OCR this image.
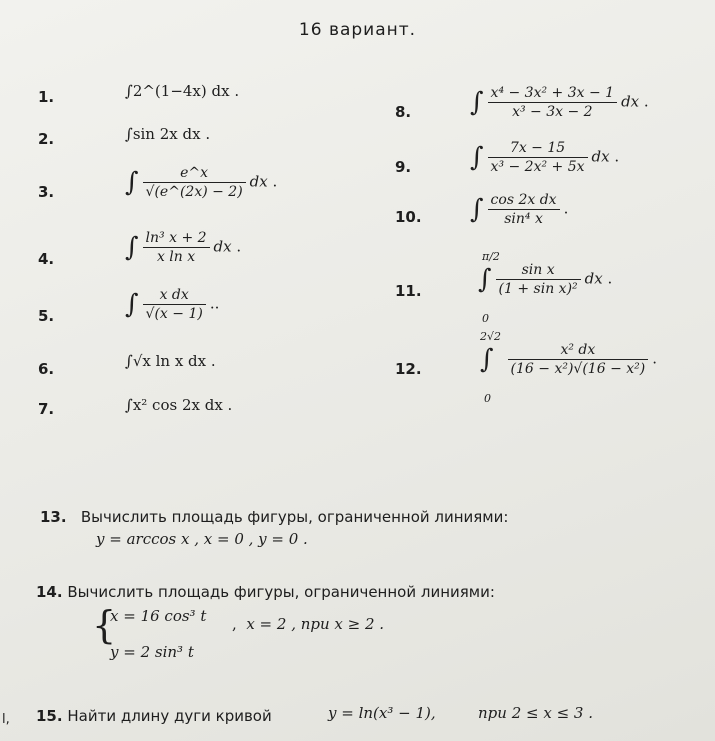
16 вариант.
1.	∫2^(1−4x) dx .
2.	∫sin 2x dx .
3.	∫ $\frac{e\^{}x}{√(e\^{}(2x) - 2)}$ dx .
4.	∫ $\frac{\text{ln³ x + 2}}{\text{x ln x}}$ dx .
5.	∫ $\frac{\text{x dx}}{√(x - 1)}$ ..
6.	∫√x ln x dx .
7.	∫x² cos 2x dx .
8. ∫ $\frac{\text{x⁴ − 3x² + 3x − 1}}{\text{x³ − 3x − 2}}$ dx .
9. ∫ $\frac{7x - 15}{\text{x³ − 2x² + 5x}}$ dx .
10. ∫ $\frac{\text{cos 2x dx}}{\text{sin⁴ x}}$ .
11.
π/2
0
∫ $\frac{\text{sin x}}{\text{(1 + sin x)²}}$ dx .
12.
2√2
0
∫ $\frac{\text{x² dx}}{\text{(16 − x²)√(16 − x²)}}$ .
13. Вычислить площадь фигуры, ограниченной линиями:
y = arccos x , x = 0 , y = 0 .
14. Вычислить площадь фигуры, ограниченной линиями:
{
x = 16 cos³ t
y = 2 sin³ t
,  x = 2 , при x ≥ 2 .
l, 15. Найти длину дуги кривой	y = ln(x³ − 1),	при 2 ≤ x ≤ 3 .
